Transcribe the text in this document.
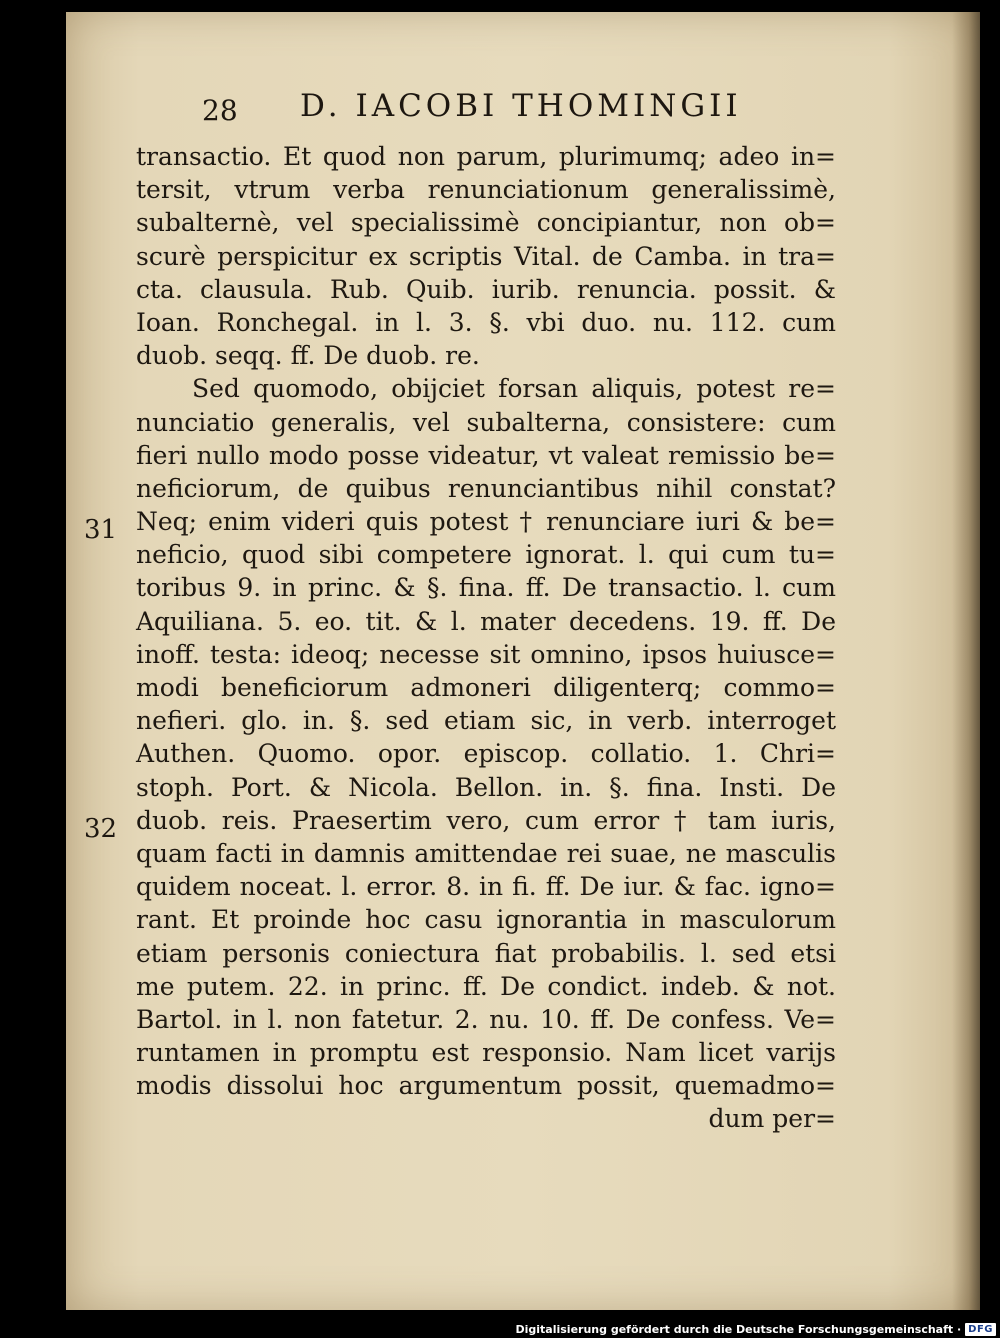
28 D. IACOBI THOMINGII
31
32
transactio. Et quod non parum, plurimumq; adeo in=
tersit, vtrum verba renunciationum generalissimè,
subalternè, vel specialissimè concipiantur, non ob=
scurè perspicitur ex scriptis Vital. de Camba. in tra=
cta. clausula. Rub. Quib. iurib. renuncia. possit. &
Ioan. Ronchegal. in l. 3. §. vbi duo. nu. 112. cum
duob. seqq. ff. De duob. re.
Sed quomodo, obijciet forsan aliquis, potest re=
nunciatio generalis, vel subalterna, consistere: cum
fieri nullo modo posse videatur, vt valeat remissio be=
neficiorum, de quibus renunciantibus nihil constat?
Neq; enim videri quis potest † renunciare iuri & be=
neficio, quod sibi competere ignorat. l. qui cum tu=
toribus 9. in princ. & §. fina. ff. De transactio. l. cum
Aquiliana. 5. eo. tit. & l. mater decedens. 19. ff. De
inoff. testa: ideoq; necesse sit omnino, ipsos huiusce=
modi beneficiorum admoneri diligenterq; commo=
nefieri. glo. in. §. sed etiam sic, in verb. interroget
Authen. Quomo. opor. episcop. collatio. 1. Chri=
stoph. Port. & Nicola. Bellon. in. §. fina. Insti. De
duob. reis. Praesertim vero, cum error † tam iuris,
quam facti in damnis amittendae rei suae, ne masculis
quidem noceat. l. error. 8. in fi. ff. De iur. & fac. igno=
rant. Et proinde hoc casu ignorantia in masculorum
etiam personis coniectura fiat probabilis. l. sed etsi
me putem. 22. in princ. ff. De condict. indeb. & not.
Bartol. in l. non fatetur. 2. nu. 10. ff. De confess. Ve=
runtamen in promptu est responsio. Nam licet varijs
modis dissolui hoc argumentum possit, quemadmo=
dum per=
Digitalisierung gefördert durch die Deutsche Forschungsgemeinschaft · DFG
